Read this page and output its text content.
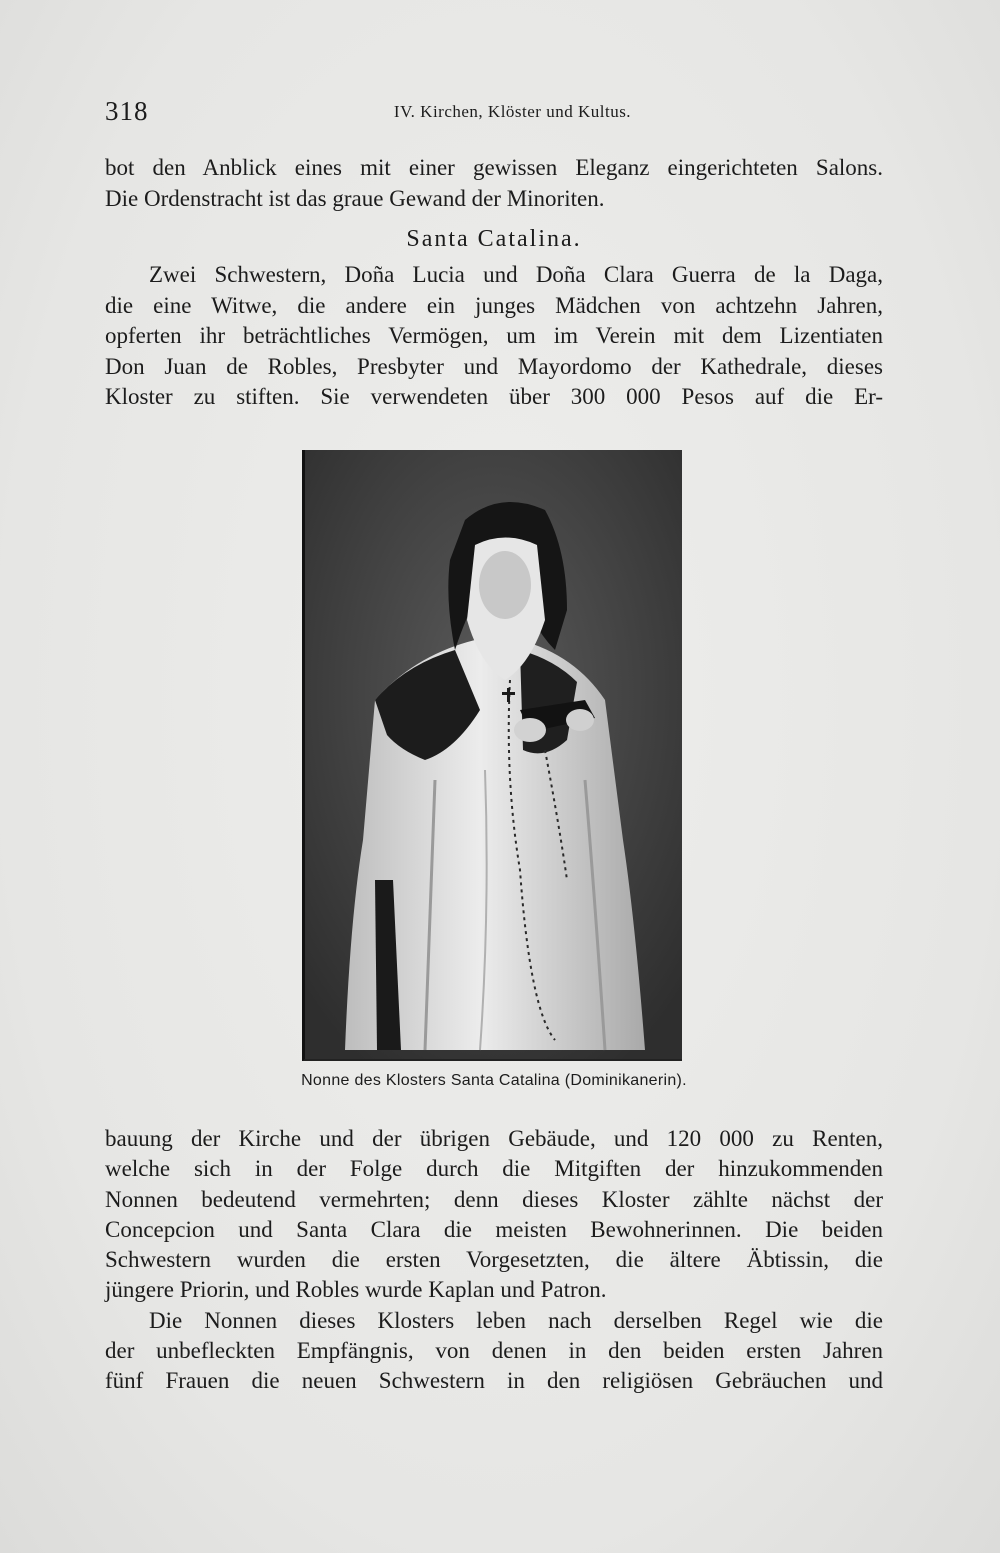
318	IV. Kirchen, Klöster und Kultus.

bot den Anblick eines mit einer gewissen Eleganz eingerichteten Salons.

Die Ordenstracht ist das graue Gewand der Minoriten.

Santa Catalina.

Zwei Schwestern, Doña Lucia und Doña Clara Guerra de la Daga,

die eine Witwe, die andere ein junges Mädchen von achtzehn Jahren,

opferten ihr beträchtliches Vermögen, um im Verein mit dem Lizentiaten

Don Juan de Robles, Presbyter und Mayordomo der Kathedrale, dieses

Kloster zu stiften. Sie verwendeten über 300 000 Pesos auf die Er-

Nonne des Klosters Santa Catalina (Dominikanerin).

bauung der Kirche und der übrigen Gebäude, und 120 000 zu Renten,

welche sich in der Folge durch die Mitgiften der hinzukommenden

Nonnen bedeutend vermehrten; denn dieses Kloster zählte nächst der

Concepcion und Santa Clara die meisten Bewohnerinnen. Die beiden

Schwestern wurden die ersten Vorgesetzten, die ältere Äbtissin, die

jüngere Priorin, und Robles wurde Kaplan und Patron.

Die Nonnen dieses Klosters leben nach derselben Regel wie die

der unbefleckten Empfängnis, von denen in den beiden ersten Jahren

fünf Frauen die neuen Schwestern in den religiösen Gebräuchen und
